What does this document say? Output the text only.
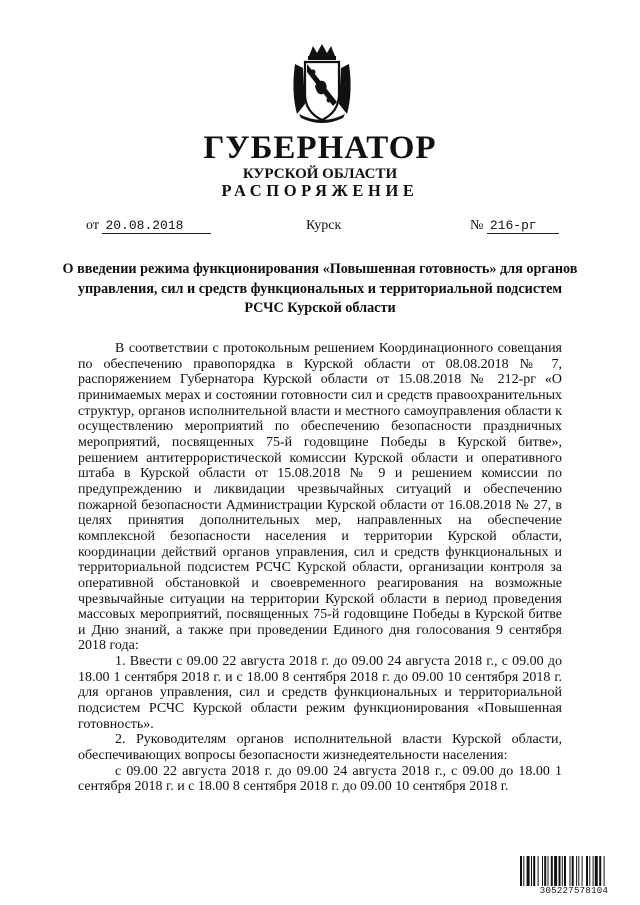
ГУБЕРНАТОР
КУРСКОЙ ОБЛАСТИ
РАСПОРЯЖЕНИЕ
от 20.08.2018	Курск	№ 216-рг
О введении режима функционирования «Повышенная готовность» для органов управления, сил и средств функциональных и территориальной подсистем РСЧС Курской области

В соответствии с протокольным решением Координационного совещания по обеспечению правопорядка в Курской области от 08.08.2018 № 7, распоряжением Губернатора Курской области от 15.08.2018 № 212-рг «О принимаемых мерах и состоянии готовности сил и средств правоохранительных структур, органов исполнительной власти и местного самоуправления области к осуществлению мероприятий по обеспечению безопасности праздничных мероприятий, посвященных 75-й годовщине Победы в Курской битве», решением антитеррористической комиссии Курской области и оперативного штаба в Курской области от 15.08.2018 № 9 и решением комиссии по предупреждению и ликвидации чрезвычайных ситуаций и обеспечению пожарной безопасности Администрации Курской области от 16.08.2018 № 27, в целях принятия дополнительных мер, направленных на обеспечение комплексной безопасности населения и территории Курской области, координации действий органов управления, сил и средств функциональных и территориальной подсистем РСЧС Курской области, организации контроля за оперативной обстановкой и своевременного реагирования на возможные чрезвычайные ситуации на территории Курской области в период проведения массовых мероприятий, посвященных 75-й годовщине Победы в Курской битве и Дню знаний, а также при проведении Единого дня голосования 9 сентября 2018 года:

1. Ввести с 09.00 22 августа 2018 г. до 09.00 24 августа 2018 г., с 09.00 до 18.00 1 сентября 2018 г. и с 18.00 8 сентября 2018 г. до 09.00 10 сентября 2018 г. для органов управления, сил и средств функциональных и территориальной подсистем РСЧС Курской области режим функционирования «Повышенная готовность».

2. Руководителям органов исполнительной власти Курской области, обеспечивающих вопросы безопасности жизнедеятельности населения:

с 09.00 22 августа 2018 г. до 09.00 24 августа 2018 г., с 09.00 до 18.00 1 сентября 2018 г. и с 18.00 8 сентября 2018 г. до 09.00 10 сентября 2018 г.

305227578104
